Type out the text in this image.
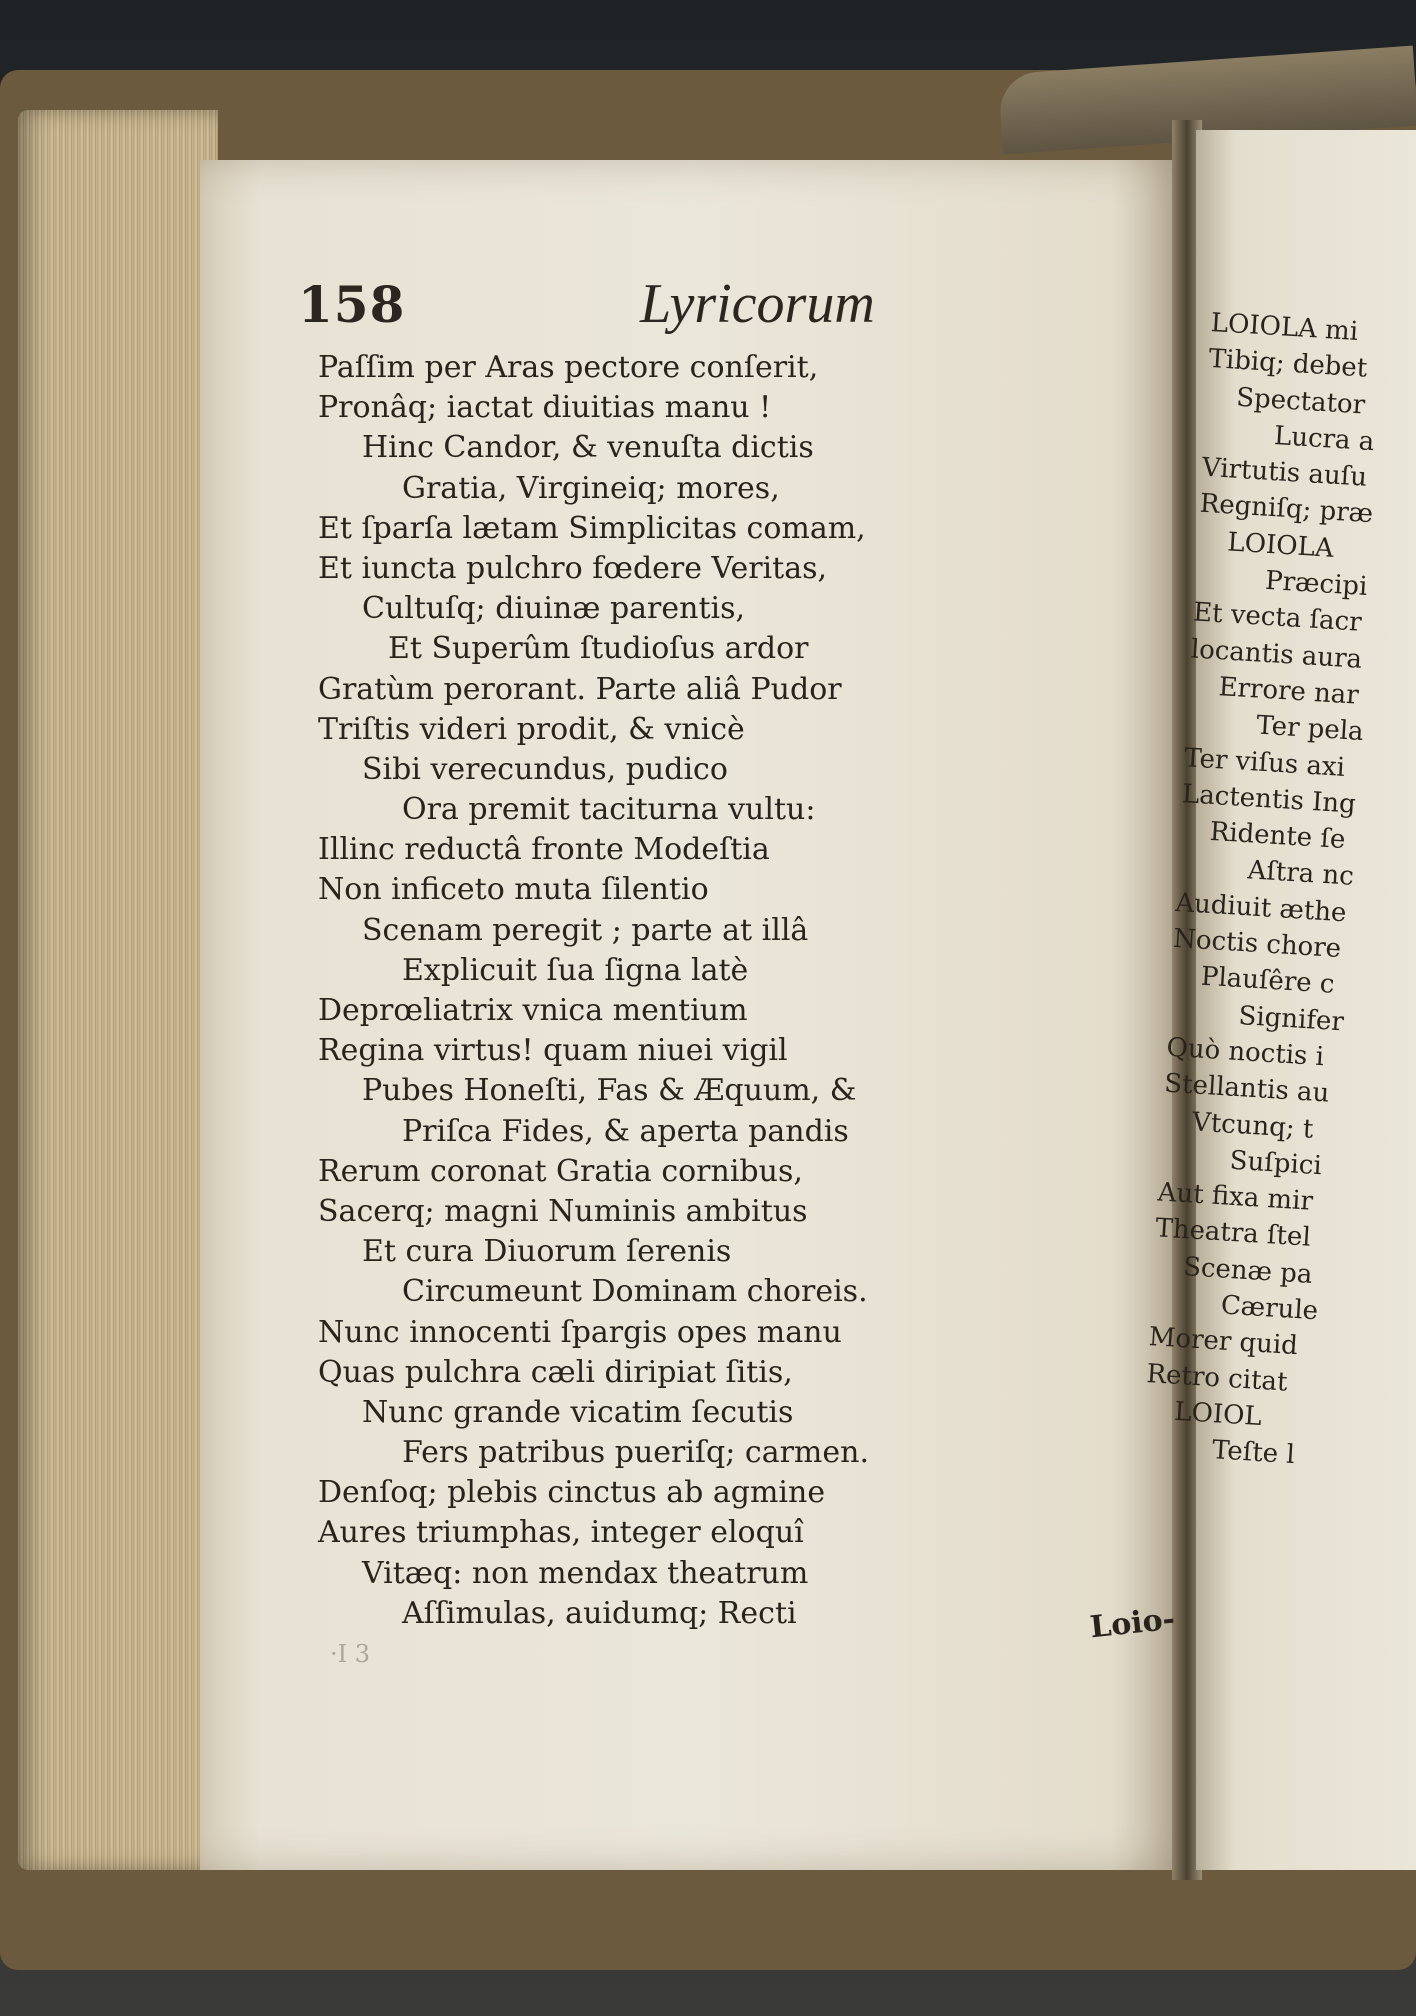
158	Lyricorum
Paſſim per Aras pectore conſerit,
Pronâq; iactat diuitias manu !
Hinc Candor, & venuſta dictis
Gratia, Virgineiq; mores,
Et ſparſa lætam Simplicitas comam,
Et iuncta pulchro fœdere Veritas,
Cultuſq; diuinæ parentis,
Et Superûm ſtudioſus ardor
Gratùm perorant. Parte aliâ Pudor
Triſtis videri prodit, & vnicè
Sibi verecundus, pudico
Ora premit taciturna vultu:
Illinc reductâ fronte Modeſtia
Non inficeto muta ſilentio
Scenam peregit ; parte at illâ
Explicuit ſua ſigna latè
Deprœliatrix vnica mentium
Regina virtus! quam niuei vigil
Pubes Honeſti, Fas & Æquum, &
Priſca Fides, & aperta pandis
Rerum coronat Gratia cornibus,
Sacerq; magni Numinis ambitus
Et cura Diuorum ſerenis
Circumeunt Dominam choreis.
Nunc innocenti ſpargis opes manu
Quas pulchra cæli diripiat ſitis,
Nunc grande vicatim ſecutis
Fers patribus pueriſq; carmen.
Denſoq; plebis cinctus ab agmine
Aures triumphas, integer eloquî
Vitæq: non mendax theatrum
Aſſimulas, auidumq; Recti	Loio-
·I 3
LOIOLA mi
Tibiq; debet
Spectator
Lucra a
Virtutis auſu
Regniſq; præ
LOIOLA
Præcipi
Et vecta ſacr
locantis aura
Errore nar
Ter pela
Ter viſus axi
Lactentis Ing
Ridente ſe
Aſtra nc
Audiuit æthe
Noctis chore
Plauſêre c
Signifer
Quò noctis i
Stellantis au
Vtcunq; t
Suſpici
Aut fixa mir
Theatra ſtel
Scenæ pa
Cærule
Morer quid
Retro citat
LOIOL
Teſte l
